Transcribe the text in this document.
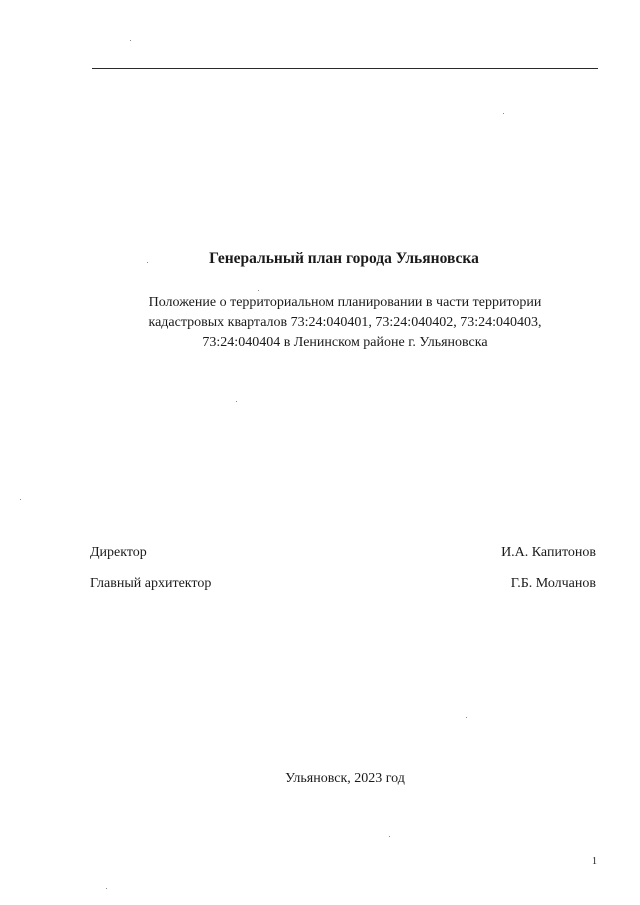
Генеральный план города Ульяновска
Положение о территориальном планировании в части территории
кадастровых кварталов 73:24:040401, 73:24:040402, 73:24:040403,
73:24:040404 в Ленинском районе г. Ульяновска
Директор	И.А. Капитонов
Главный архитектор	Г.Б. Молчанов
Ульяновск, 2023 год
1
